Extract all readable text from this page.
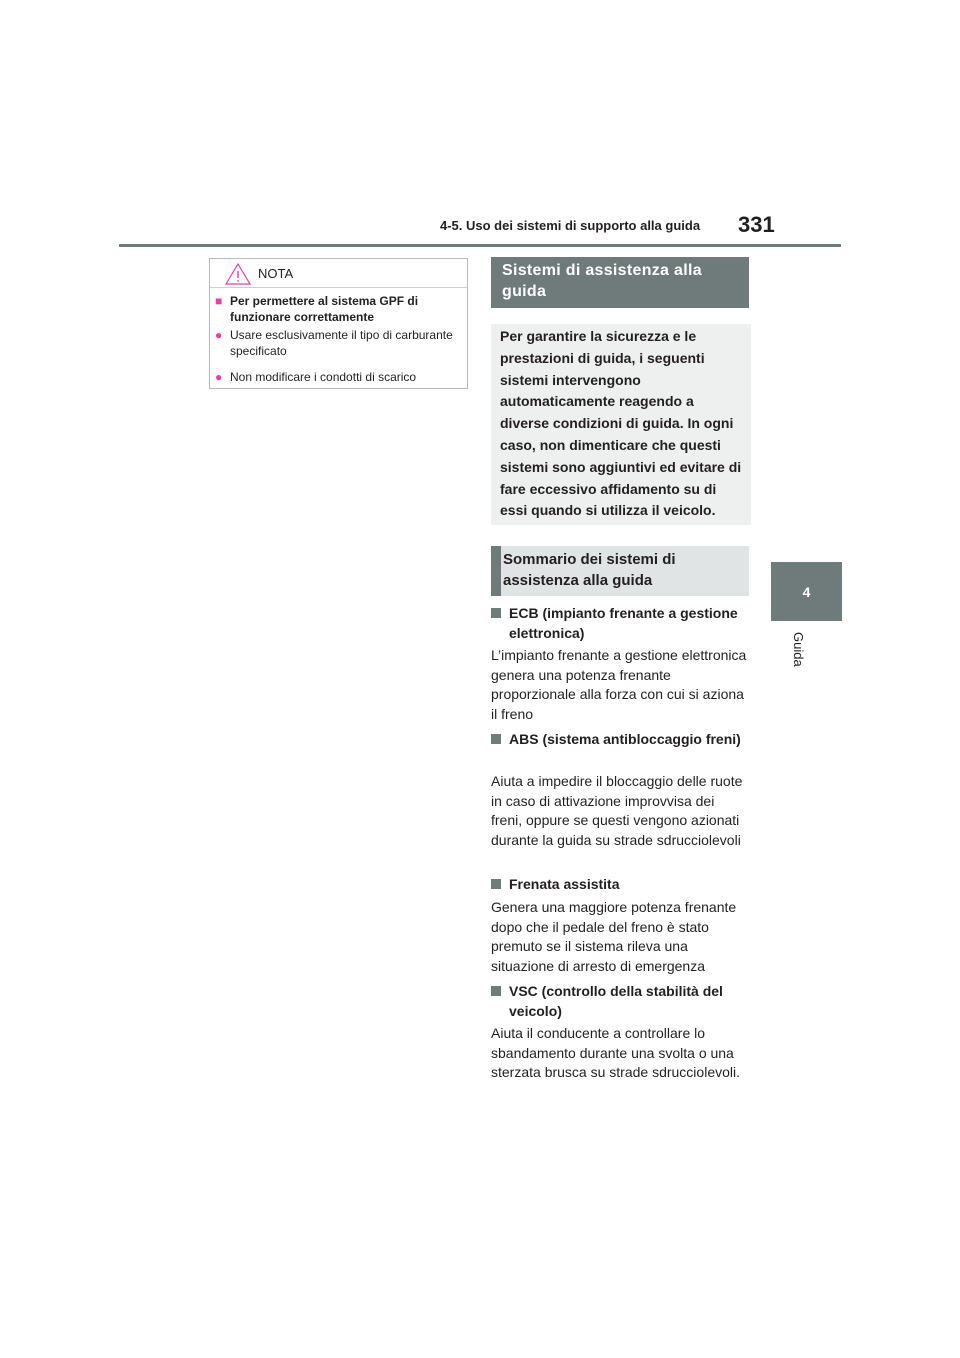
4-5. Uso dei sistemi di supporto alla guida 331
4
Guida
NOTA
■ Per permettere al sistema GPF di funzionare correttamente
● Usare esclusivamente il tipo di carburante specificato
● Non modificare i condotti di scarico
Sistemi di assistenza alla guida
Per garantire la sicurezza e le prestazioni di guida, i seguenti sistemi intervengono automaticamente reagendo a diverse condizioni di guida. In ogni caso, non dimenticare che questi sistemi sono aggiuntivi ed evitare di fare eccessivo affidamento su di essi quando si utilizza il veicolo.
Sommario dei sistemi di assistenza alla guida
ECB (impianto frenante a gestione elettronica)
L’impianto frenante a gestione elettronica genera una potenza frenante proporzionale alla forza con cui si aziona il freno
ABS (sistema antibloccaggio freni)
Aiuta a impedire il bloccaggio delle ruote in caso di attivazione improvvisa dei freni, oppure se questi vengono azionati durante la guida su strade sdrucciolevoli
Frenata assistita
Genera una maggiore potenza frenante dopo che il pedale del freno è stato premuto se il sistema rileva una situazione di arresto di emergenza
VSC (controllo della stabilità del veicolo)
Aiuta il conducente a controllare lo sbandamento durante una svolta o una sterzata brusca su strade sdrucciolevoli.
